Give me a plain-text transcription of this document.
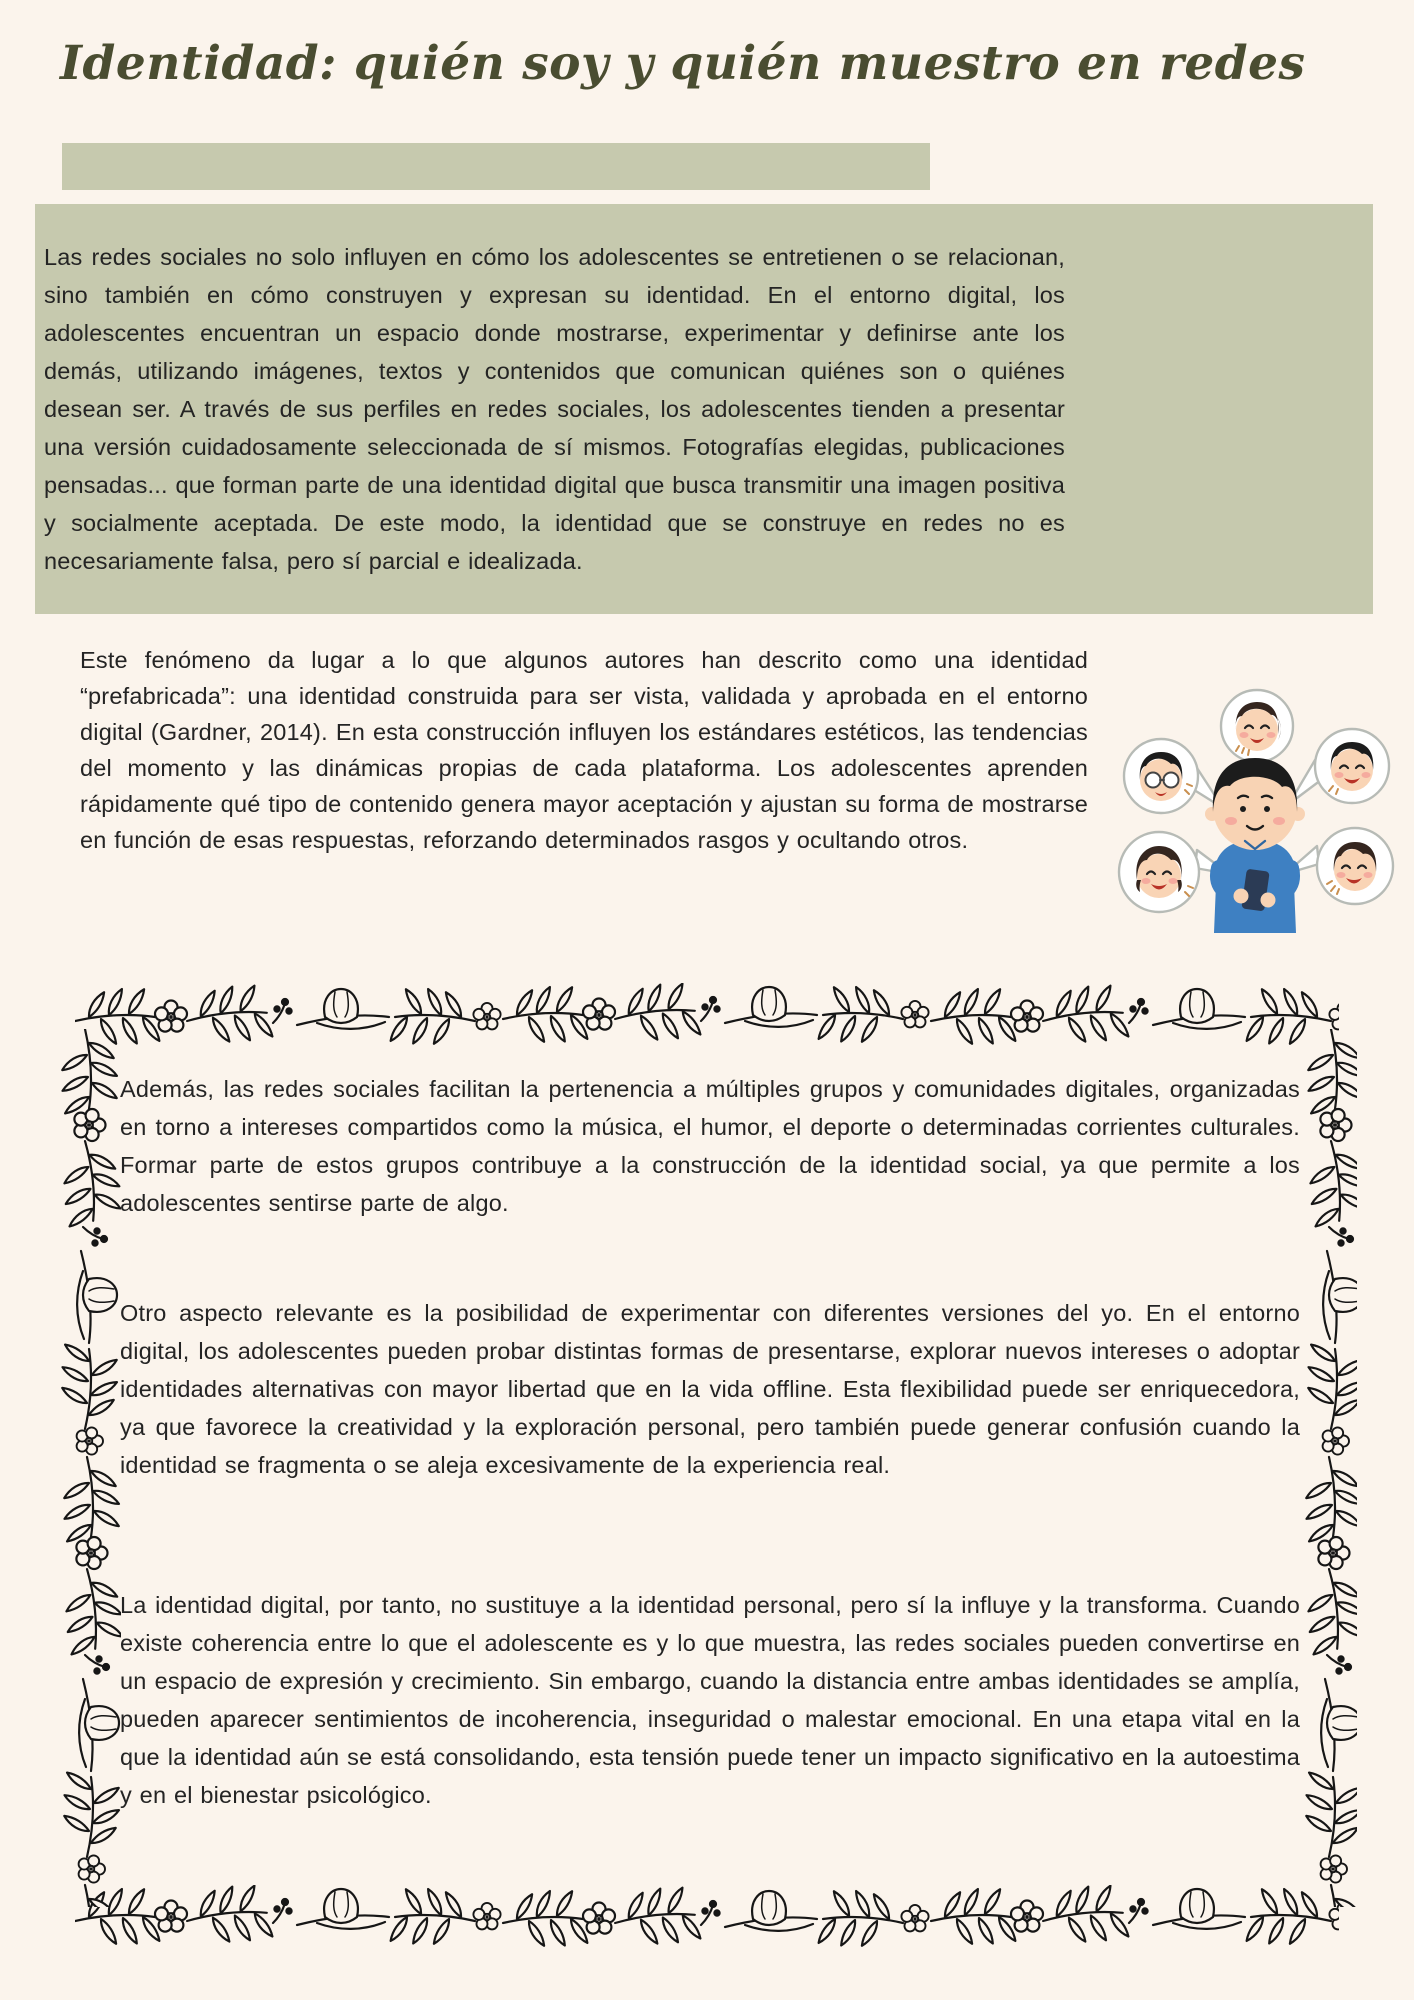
Identidad: quién soy y quién muestro en redes

Las redes sociales no solo influyen en cómo los adolescentes se entretienen o se relacionan, sino también en cómo construyen y expresan su identidad. En el entorno digital, los adolescentes encuentran un espacio donde mostrarse, experimentar y definirse ante los demás, utilizando imágenes, textos y contenidos que comunican quiénes son o quiénes desean ser. A través de sus perfiles en redes sociales, los adolescentes tienden a presentar una versión cuidadosamente seleccionada de sí mismos. Fotografías elegidas, publicaciones pensadas... que forman parte de una identidad digital que busca transmitir una imagen positiva y socialmente aceptada. De este modo, la identidad que se construye en redes no es necesariamente falsa, pero sí parcial e idealizada.

Este fenómeno da lugar a lo que algunos autores han descrito como una identidad “prefabricada”: una identidad construida para ser vista, validada y aprobada en el entorno digital (Gardner, 2014). En esta construcción influyen los estándares estéticos, las tendencias del momento y las dinámicas propias de cada plataforma. Los adolescentes aprenden rápidamente qué tipo de contenido genera mayor aceptación y ajustan su forma de mostrarse en función de esas respuestas, reforzando determinados rasgos y ocultando otros.

Además, las redes sociales facilitan la pertenencia a múltiples grupos y comunidades digitales, organizadas en torno a intereses compartidos como la música, el humor, el deporte o determinadas corrientes culturales. Formar parte de estos grupos contribuye a la construcción de la identidad social, ya que permite a los adolescentes sentirse parte de algo.

Otro aspecto relevante es la posibilidad de experimentar con diferentes versiones del yo. En el entorno digital, los adolescentes pueden probar distintas formas de presentarse, explorar nuevos intereses o adoptar identidades alternativas con mayor libertad que en la vida offline. Esta flexibilidad puede ser enriquecedora, ya que favorece la creatividad y la exploración personal, pero también puede generar confusión cuando la identidad se fragmenta o se aleja excesivamente de la experiencia real.

La identidad digital, por tanto, no sustituye a la identidad personal, pero sí la influye y la transforma. Cuando existe coherencia entre lo que el adolescente es y lo que muestra, las redes sociales pueden convertirse en un espacio de expresión y crecimiento. Sin embargo, cuando la distancia entre ambas identidades se amplía, pueden aparecer sentimientos de incoherencia, inseguridad o malestar emocional. En una etapa vital en la que la identidad aún se está consolidando, esta tensión puede tener un impacto significativo en la autoestima y en el bienestar psicológico.
